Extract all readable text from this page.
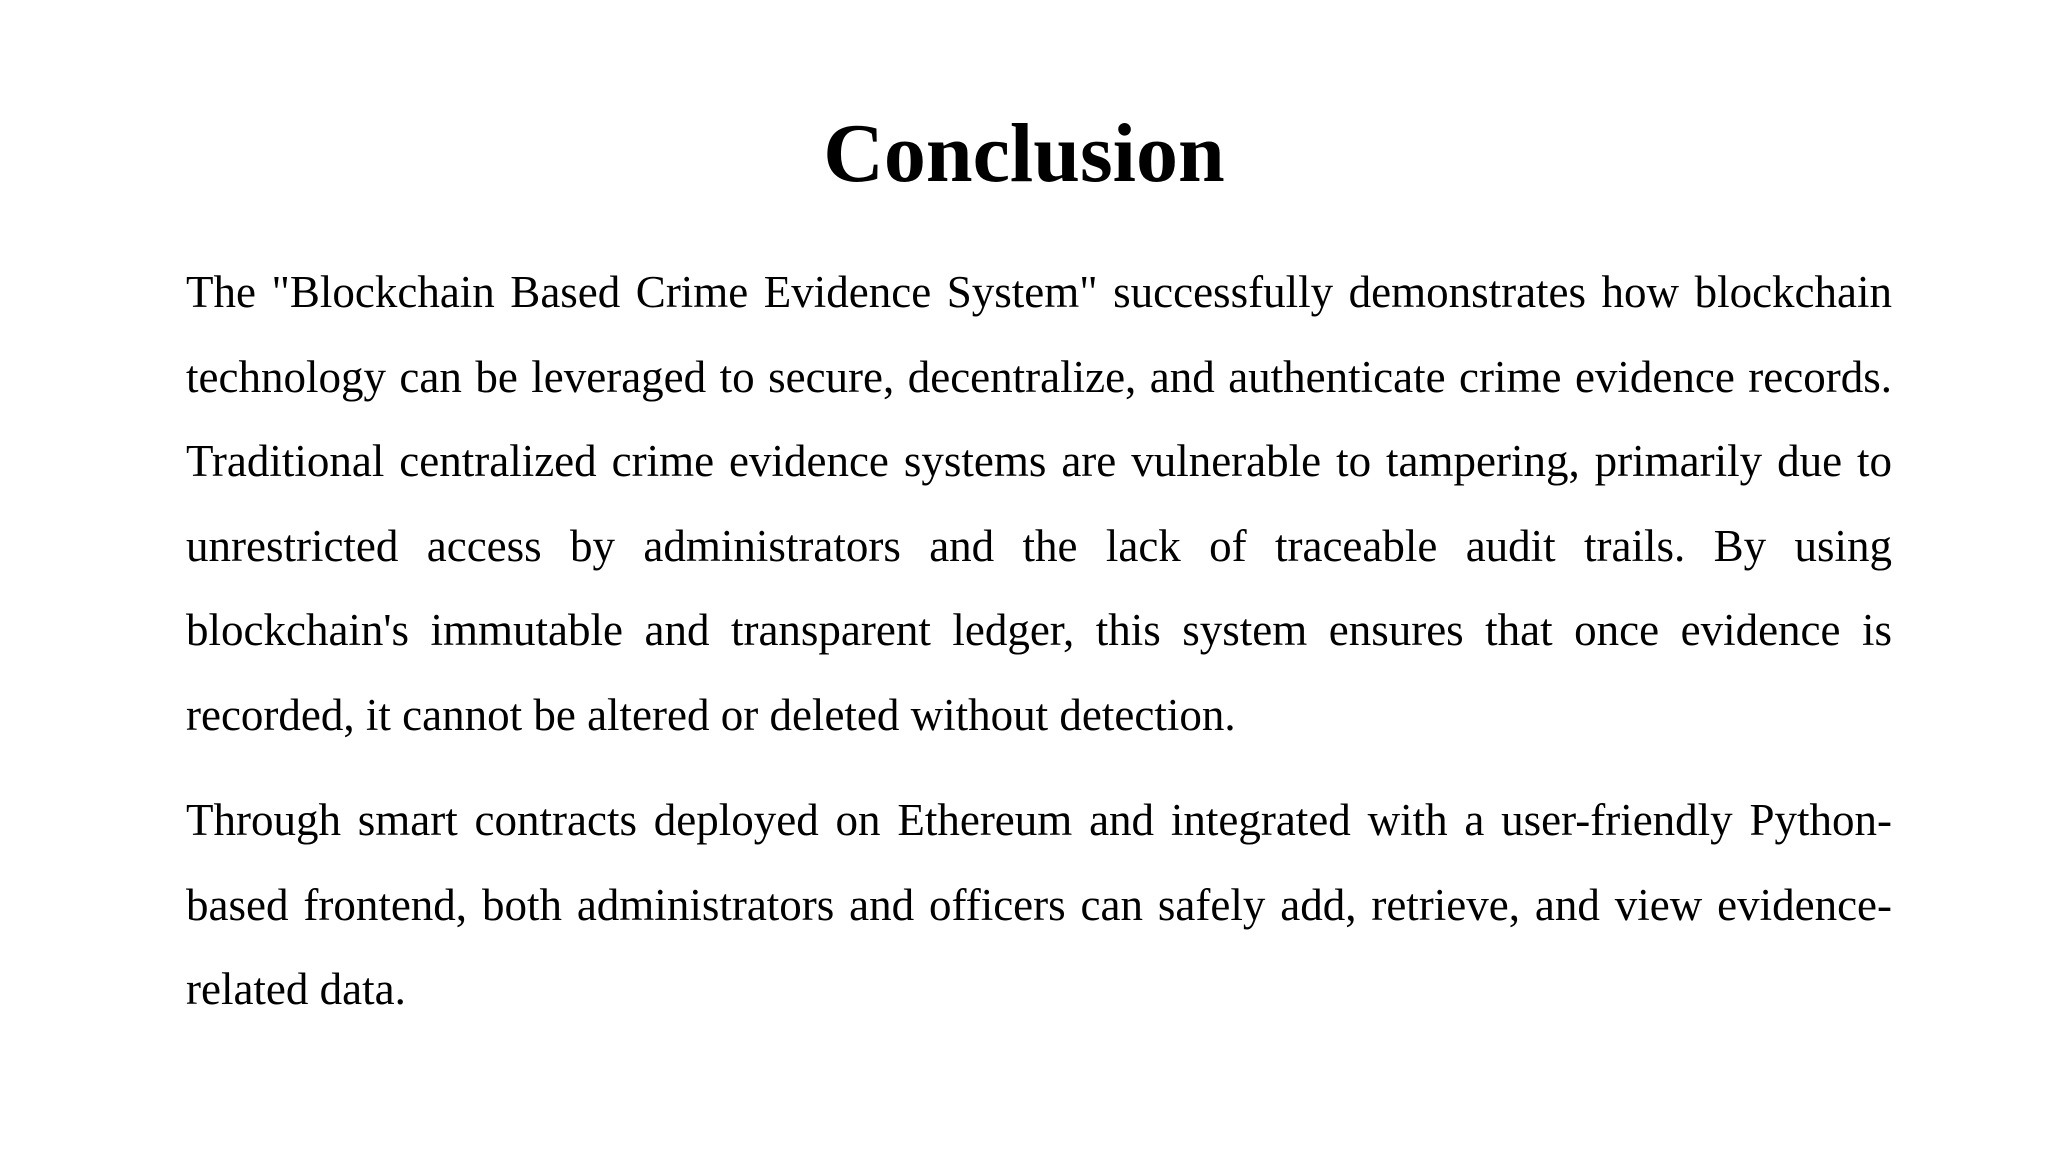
Conclusion

The "Blockchain Based Crime Evidence System" successfully demonstrates how blockchain technology can be leveraged to secure, decentralize, and authenticate crime evidence records. Traditional centralized crime evidence systems are vulnerable to tampering, primarily due to unrestricted access by administrators and the lack of traceable audit trails. By using blockchain's immutable and transparent ledger, this system ensures that once evidence is recorded, it cannot be altered or deleted without detection.

Through smart contracts deployed on Ethereum and integrated with a user-friendly Python-based frontend, both administrators and officers can safely add, retrieve, and view evidence-related data.
